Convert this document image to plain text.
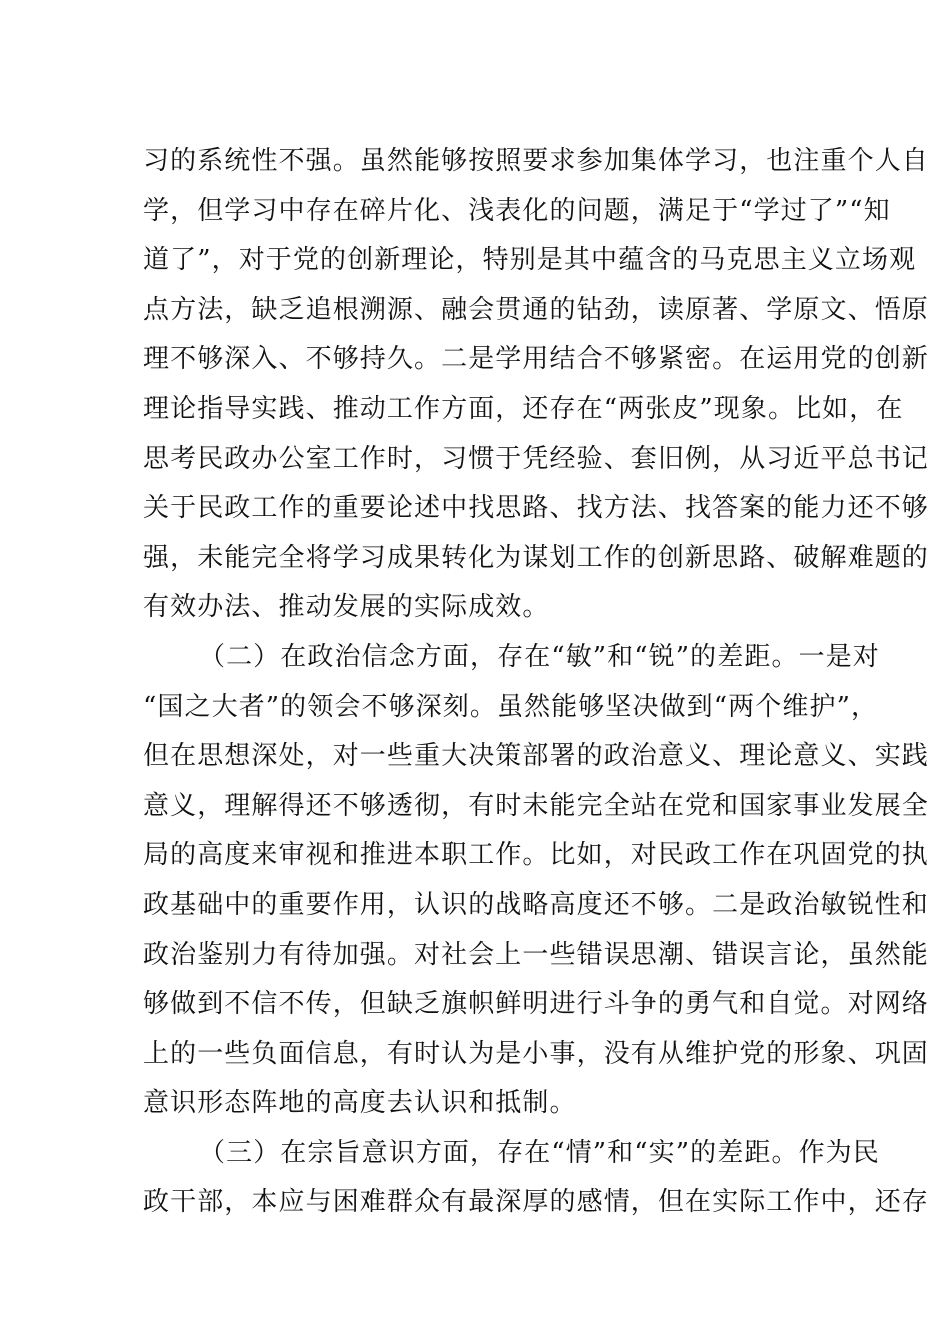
习的系统性不强。虽然能够按照要求参加集体学习，也注重个人自
学，但学习中存在碎片化、浅表化的问题，满足于“学过了”“知
道了”，对于党的创新理论，特别是其中蕴含的马克思主义立场观
点方法，缺乏追根溯源、融会贯通的钻劲，读原著、学原文、悟原
理不够深入、不够持久。二是学用结合不够紧密。在运用党的创新
理论指导实践、推动工作方面，还存在“两张皮”现象。比如，在
思考民政办公室工作时，习惯于凭经验、套旧例，从习近平总书记
关于民政工作的重要论述中找思路、找方法、找答案的能力还不够
强，未能完全将学习成果转化为谋划工作的创新思路、破解难题的
有效办法、推动发展的实际成效。
（二）在政治信念方面，存在“敏”和“锐”的差距。一是对
“国之大者”的领会不够深刻。虽然能够坚决做到“两个维护”，
但在思想深处，对一些重大决策部署的政治意义、理论意义、实践
意义，理解得还不够透彻，有时未能完全站在党和国家事业发展全
局的高度来审视和推进本职工作。比如，对民政工作在巩固党的执
政基础中的重要作用，认识的战略高度还不够。二是政治敏锐性和
政治鉴别力有待加强。对社会上一些错误思潮、错误言论，虽然能
够做到不信不传，但缺乏旗帜鲜明进行斗争的勇气和自觉。对网络
上的一些负面信息，有时认为是小事，没有从维护党的形象、巩固
意识形态阵地的高度去认识和抵制。
（三）在宗旨意识方面，存在“情”和“实”的差距。作为民
政干部，本应与困难群众有最深厚的感情，但在实际工作中，还存
